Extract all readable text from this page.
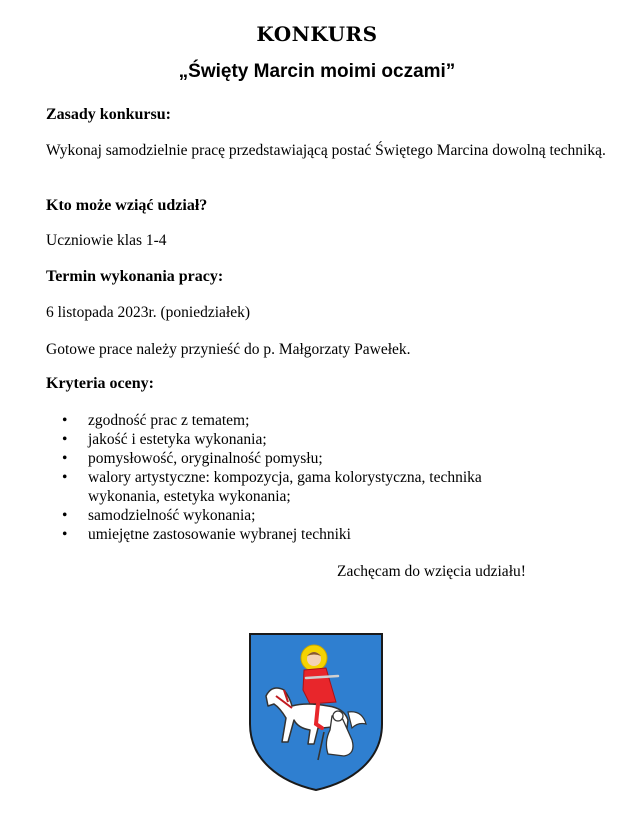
KONKURS
„Święty Marcin moimi oczami”
Zasady konkursu:
Wykonaj samodzielnie pracę przedstawiającą postać Świętego Marcina dowolną techniką.
Kto może wziąć udział?
Uczniowie klas 1-4
Termin wykonania pracy:
6 listopada 2023r. (poniedziałek)
Gotowe prace należy przynieść do p. Małgorzaty Pawełek.
Kryteria oceny:
• zgodność prac z tematem;
• jakość i estetyka wykonania;
• pomysłowość, oryginalność pomysłu;
• walory artystyczne: kompozycja, gama kolorystyczna, technika wykonania, estetyka wykonania;
• samodzielność wykonania;
• umiejętne zastosowanie wybranej techniki
Zachęcam do wzięcia udziału!
